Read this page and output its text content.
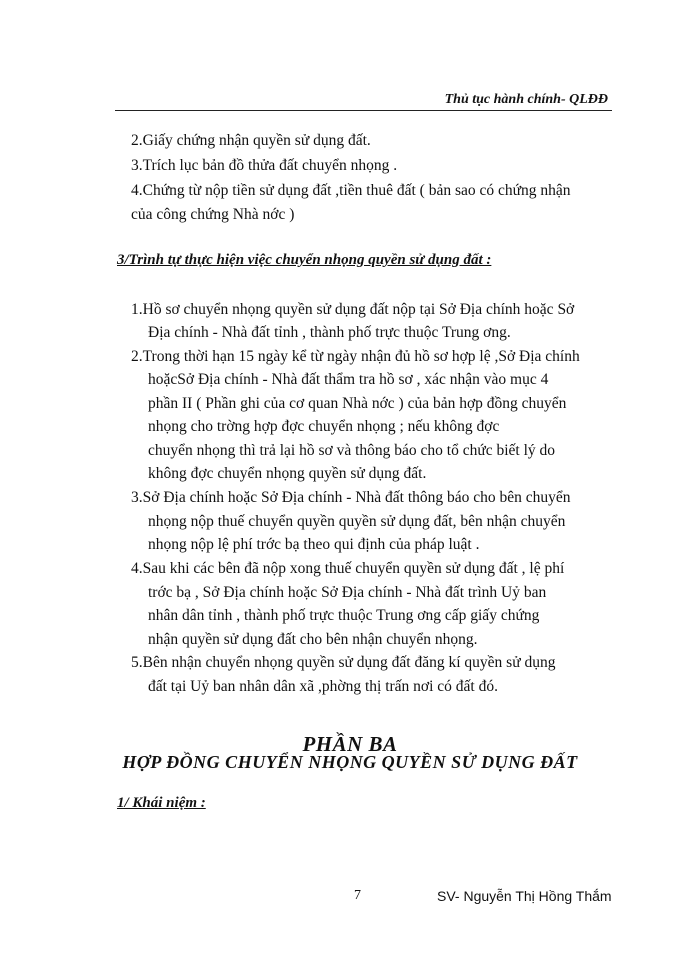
Thủ tục hành chính- QLĐĐ
2.Giấy chứng nhận quyền sử dụng đất.
3.Trích lục bản đồ thửa đất chuyển nhọng .
4.Chứng từ nộp tiền sử dụng đất ,tiền thuê đất ( bản sao có chứng nhận
của công chứng Nhà nớc )
3/Trình tự thực hiện việc chuyển nhọng quyền sử dụng đất :
1.Hồ sơ chuyển nhọng quyền sử dụng đất nộp tại Sở Địa chính hoặc Sở
Địa chính - Nhà đất tỉnh , thành phố trực thuộc Trung ơng.
2.Trong thời hạn 15 ngày kể từ ngày nhận đủ hồ sơ hợp lệ ,Sở Địa chính
hoặcSở Địa chính - Nhà đất thẩm tra hồ sơ , xác nhận vào mục 4
phần II ( Phần ghi của cơ quan Nhà nớc ) của bản hợp đồng chuyển
nhọng cho trờng hợp đợc chuyển nhọng ; nếu không đợc
chuyển nhọng thì trả lại hồ sơ và thông báo cho tổ chức biết lý do
không đợc chuyển nhọng quyền sử dụng đất.
3.Sở Địa chính hoặc Sở Địa chính - Nhà đất thông báo cho bên chuyển
nhọng nộp thuế chuyển quyền quyền sử dụng đất, bên nhận chuyển
nhọng nộp lệ phí trớc bạ theo qui định của pháp luật .
4.Sau khi các bên đã nộp xong thuế chuyển quyền sử dụng đất , lệ phí
trớc bạ , Sở Địa chính hoặc Sở Địa chính - Nhà đất trình Uỷ ban
nhân dân tỉnh , thành phố trực thuộc Trung ơng cấp giấy chứng
nhận quyền sử dụng đất cho bên nhận chuyển nhọng.
5.Bên nhận chuyển nhọng quyền sử dụng đất đăng kí quyền sử dụng
đất tại Uỷ ban nhân dân xã ,phờng thị trấn nơi có đất đó.
PHẦN BA
HỢP ĐỒNG CHUYỂN NHỌNG QUYỀN SỬ DỤNG ĐẤT
1/ Khái niệm :
7	SV- Nguyễn Thị Hồng Thắm
